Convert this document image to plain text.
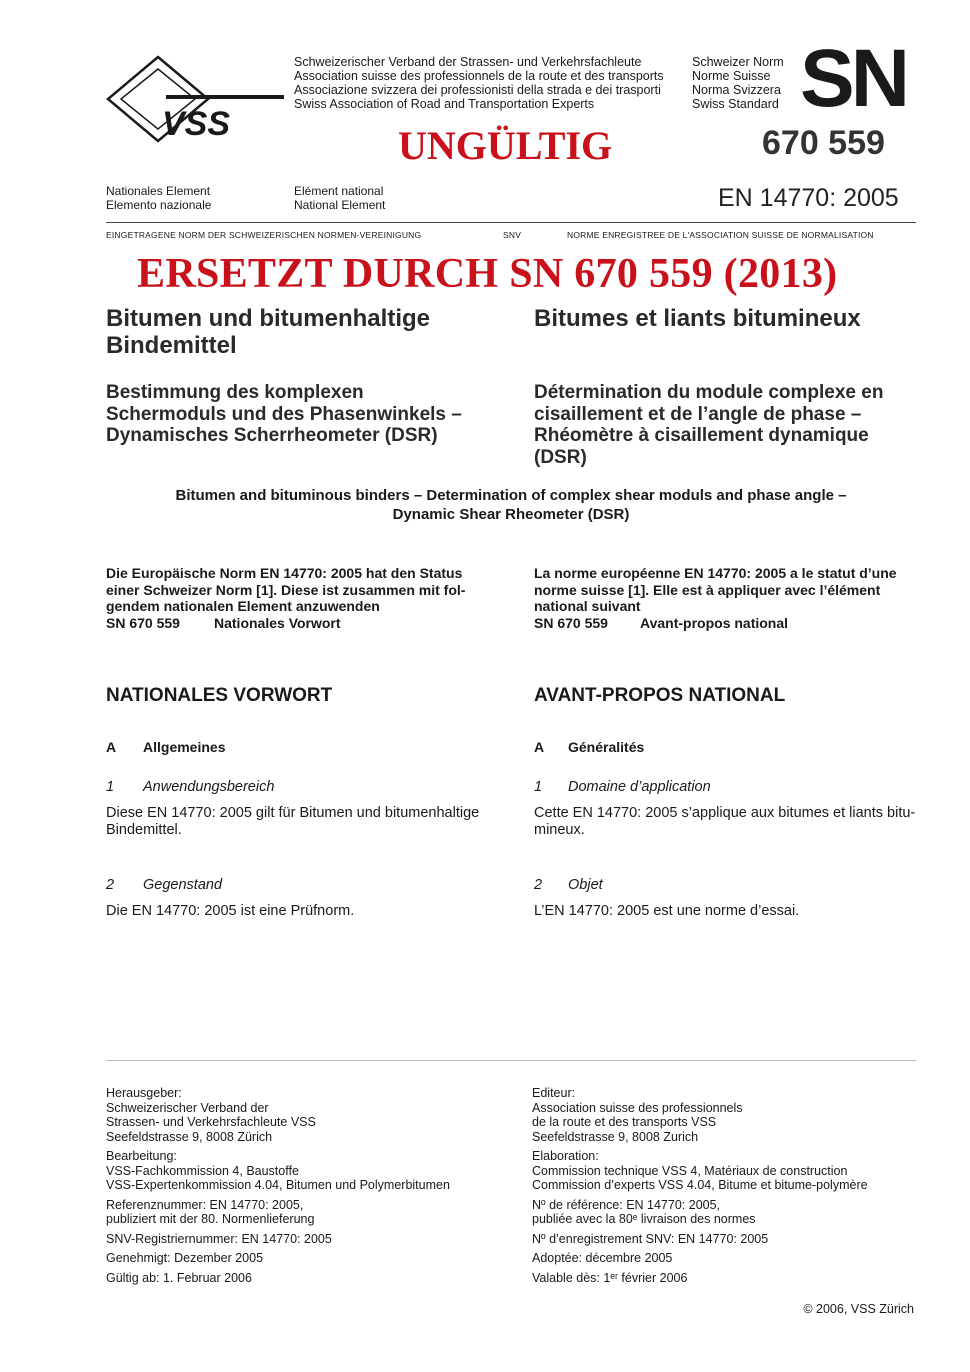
VSS
Schweizerischer Verband der Strassen- und Verkehrsfachleute
Association suisse des professionnels de la route et des transports
Associazione svizzera dei professionisti della strada e dei trasporti
Swiss Association of Road and Transportation Experts
Schweizer Norm
Norme Suisse
Norma Svizzera
Swiss Standard SN
670 559
UNGÜLTIG
Nationales Element
Elemento nazionale
Elément national
National Element	EN 14770: 2005
EINGETRAGENE NORM DER SCHWEIZERISCHEN NORMEN-VEREINIGUNG	SNV	NORME ENREGISTREE DE L'ASSOCIATION SUISSE DE NORMALISATION
ERSETZT DURCH SN 670 559 (2013)
Bitumen und bitumenhaltige
Bindemittel
Bitumes et liants bitumineux
Bestimmung des komplexen
Schermoduls und des Phasenwinkels –
Dynamisches Scherrheometer (DSR)
Détermination du module complexe en
cisaillement et de l’angle de phase –
Rhéomètre à cisaillement dynamique
(DSR)
Bitumen and bituminous binders – Determination of complex shear moduls and phase angle –
Dynamic Shear Rheometer (DSR)
Die Europäische Norm EN 14770: 2005 hat den Status
einer Schweizer Norm [1]. Diese ist zusammen mit fol-
gendem nationalen Element anzuwenden
SN 670 559 Nationales Vorwort
La norme européenne EN 14770: 2005 a le statut d’une
norme suisse [1]. Elle est à appliquer avec l’élément
national suivant
SN 670 559 Avant-propos national
NATIONALES VORWORT	AVANT-PROPOS NATIONAL
A Allgemeines	A Généralités
1 Anwendungsbereich	1 Domaine d’application
Diese EN 14770: 2005 gilt für Bitumen und bitumenhaltige
Bindemittel.
Cette EN 14770: 2005 s’applique aux bitumes et liants bitu-
mineux.
2 Gegenstand	2 Objet
Die EN 14770: 2005 ist eine Prüfnorm.	L’EN 14770: 2005 est une norme d’essai.
Herausgeber:
Schweizerischer Verband der
Strassen- und Verkehrsfachleute VSS
Seefeldstrasse 9, 8008 Zürich
Bearbeitung:
VSS-Fachkommission 4, Baustoffe
VSS-Expertenkommission 4.04, Bitumen und Polymerbitumen
Referenznummer: EN 14770: 2005,
publiziert mit der 80. Normenlieferung
SNV-Registriernummer: EN 14770: 2005
Genehmigt: Dezember 2005
Gültig ab: 1. Februar 2006
Editeur:
Association suisse des professionnels
de la route et des transports VSS
Seefeldstrasse 9, 8008 Zurich
Elaboration:
Commission technique VSS 4, Matériaux de construction
Commission d’experts VSS 4.04, Bitume et bitume-polymère
Nº de référence: EN 14770: 2005,
publiée avec la 80ᵉ livraison des normes
Nº d’enregistrement SNV: EN 14770: 2005
Adoptée: décembre 2005
Valable dès: 1ᵉʳ février 2006
© 2006, VSS Zürich
